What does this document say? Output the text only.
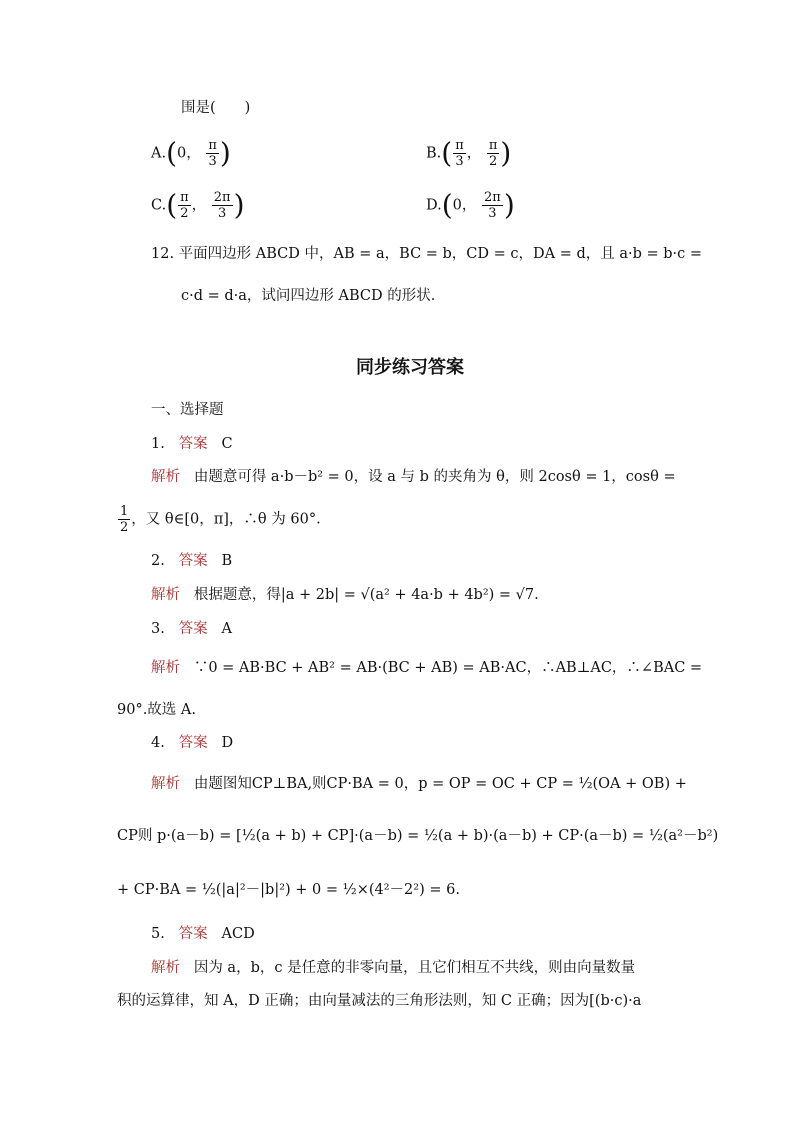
围是(　　)
A.(0， $\frac{\pi}{3}$ )	$B.( \frac{\pi}{3}$ ， $\frac{\pi}{2}$ )
$C.( \frac{\pi}{2}$ ， $\frac{2\pi}{3}$ )	D.(0， $\frac{2\pi}{3}$ )
12. 平面四边形 ABCD 中，AB = a，BC = b，CD = c，DA = d，且 a·b = b·c =
c·d = d·a，试问四边形 ABCD 的形状．
同步练习答案
一、选择题
1. 答案 C
解析 由题意可得 a·b－b² = 0，设 a 与 b 的夹角为 θ，则 2cosθ = 1，cosθ =
$\frac{1}{2}$ ，又 θ∈[0，π]，∴θ 为 60°.
2. 答案 B
解析 根据题意，得|a + 2b| = √(a² + 4a·b + 4b²) = √7.
3. 答案 A
解析 ∵0 = AB·BC + AB² = AB·(BC + AB) = AB·AC，∴AB⊥AC，∴∠BAC =
90°.故选 A.
4. 答案 D
解析 由题图知CP⊥BA,则CP·BA = 0，p = OP = OC + CP = ½(OA + OB) +
CP则 p·(a－b) = [½(a + b) + CP]·(a－b) = ½(a + b)·(a－b) + CP·(a－b) = ½(a²－b²)
+ CP·BA = ½(|a|²－|b|²) + 0 = ½×(4²－2²) = 6.
5. 答案 ACD
解析 因为 a，b，c 是任意的非零向量，且它们相互不共线，则由向量数量
积的运算律，知 A，D 正确；由向量减法的三角形法则，知 C 正确；因为[(b·c)·a
